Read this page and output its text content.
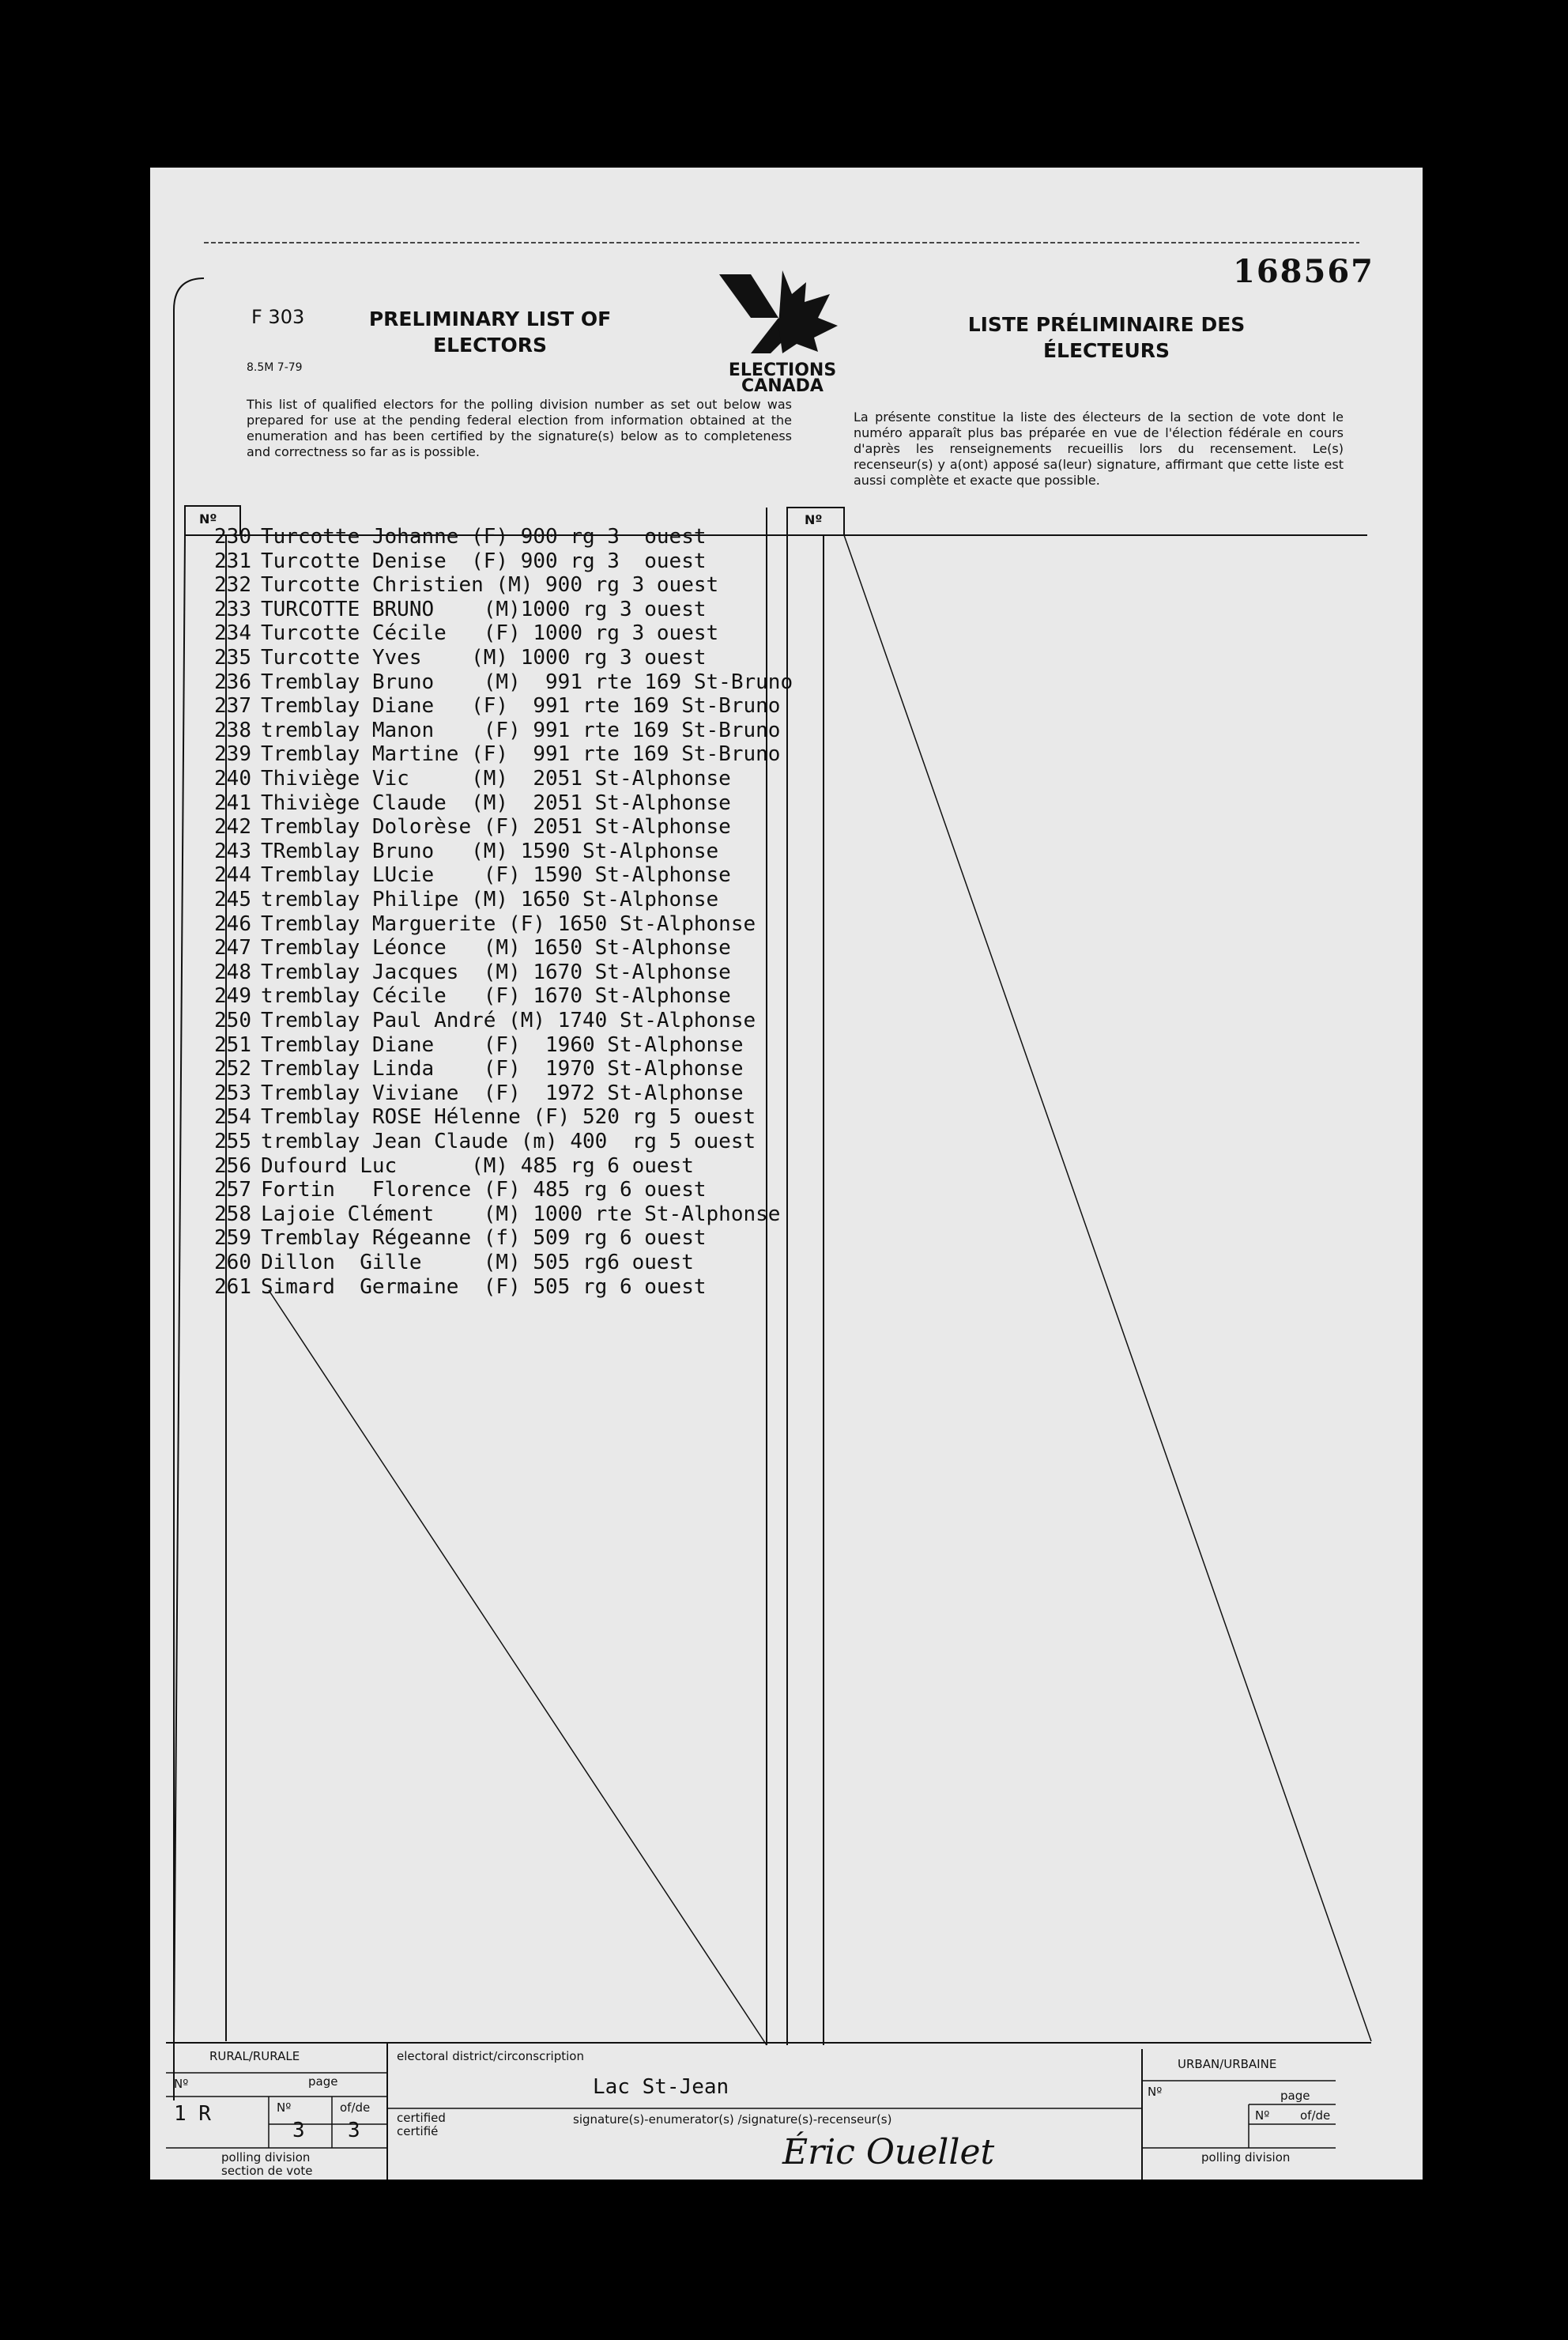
168567
F 303
8.5M 7-79
PRELIMINARY LIST OF ELECTORS
LISTE PRÉLIMINAIRE DES ÉLECTEURS
ELECTIONS
CANADA
This list of qualified electors for the polling division number as set out below was prepared for use at the pending federal election from information obtained at the enumeration and has been certified by the signature(s) below as to completeness and correctness so far as is possible.
La présente constitue la liste des électeurs de la section de vote dont le numéro apparaît plus bas préparée en vue de l'élection fédérale en cours d'après les renseignements recueillis lors du recensement. Le(s) recenseur(s) y a(ont) apposé sa(leur) signature, affirmant que cette liste est aussi complète et exacte que possible.
Nº	Nº
230 Turcotte Johanne (F) 900 rg 3  ouest
231 Turcotte Denise  (F) 900 rg 3  ouest
232 Turcotte Christien (M) 900 rg 3 ouest
233 TURCOTTE BRUNO    (M)1000 rg 3 ouest
234 Turcotte Cécile   (F) 1000 rg 3 ouest
235 Turcotte Yves    (M) 1000 rg 3 ouest
236 Tremblay Bruno    (M)  991 rte 169 St-Bruno
237 Tremblay Diane   (F)  991 rte 169 St-Bruno
238 tremblay Manon    (F) 991 rte 169 St-Bruno
239 Tremblay Martine (F)  991 rte 169 St-Bruno
240 Thiviège Vic     (M)  2051 St-Alphonse
241 Thiviège Claude  (M)  2051 St-Alphonse
242 Tremblay Dolorèse (F) 2051 St-Alphonse
243 TRemblay Bruno   (M) 1590 St-Alphonse
244 Tremblay LUcie    (F) 1590 St-Alphonse
245 tremblay Philipe (M) 1650 St-Alphonse
246 Tremblay Marguerite (F) 1650 St-Alphonse
247 Tremblay Léonce   (M) 1650 St-Alphonse
248 Tremblay Jacques  (M) 1670 St-Alphonse
249 tremblay Cécile   (F) 1670 St-Alphonse
250 Tremblay Paul André (M) 1740 St-Alphonse
251 Tremblay Diane    (F)  1960 St-Alphonse
252 Tremblay Linda    (F)  1970 St-Alphonse
253 Tremblay Viviane  (F)  1972 St-Alphonse
254 Tremblay ROSE Hélenne (F) 520 rg 5 ouest
255 tremblay Jean Claude (m) 400  rg 5 ouest
256 Dufourd Luc      (M) 485 rg 6 ouest
257 Fortin   Florence (F) 485 rg 6 ouest
258 Lajoie Clément    (M) 1000 rte St-Alphonse
259 Tremblay Régeanne (f) 509 rg 6 ouest
260 Dillon  Gille     (M) 505 rg6 ouest
261 Simard  Germaine  (F) 505 rg 6 ouest
RURAL/RURALE
Nº	page
Nº	of/de
1 R
3 3
polling division
section de vote
electoral district/circonscription
Lac St-Jean
certified
certifié
signature(s)-enumerator(s) /signature(s)-recenseur(s)
Éric Ouellet
URBAN/URBAINE
Nº	page
Nº	of/de
polling division
